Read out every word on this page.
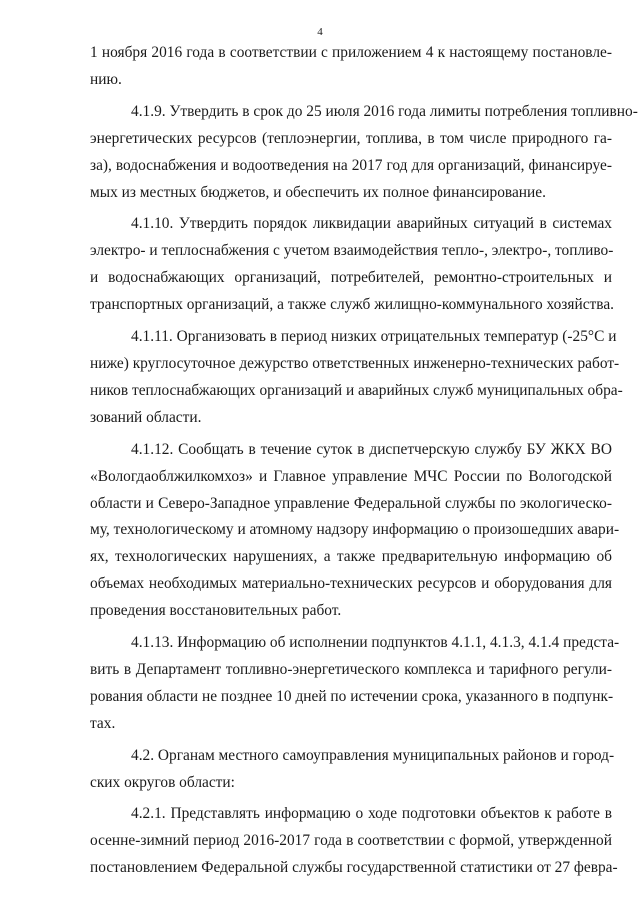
4
1 ноября 2016 года в соответствии с приложением 4 к настоящему постановле-
нию.
4.1.9. Утвердить в срок до 25 июля 2016 года лимиты потребления топливно-
энергетических ресурсов (теплоэнергии, топлива, в том числе природного га-
за), водоснабжения и водоотведения на 2017 год для организаций, финансируе-
мых из местных бюджетов, и обеспечить их полное финансирование.
4.1.10. Утвердить порядок ликвидации аварийных ситуаций в системах
электро- и теплоснабжения с учетом взаимодействия тепло-, электро-, топливо-
и водоснабжающих организаций, потребителей, ремонтно-строительных и
транспортных организаций, а также служб жилищно-коммунального хозяйства.
4.1.11. Организовать в период низких отрицательных температур (-25°С и
ниже) круглосуточное дежурство ответственных инженерно-технических работ-
ников теплоснабжающих организаций и аварийных служб муниципальных обра-
зований области.
4.1.12. Сообщать в течение суток в диспетчерскую службу БУ ЖКХ ВО
«Вологдаоблжилкомхоз» и Главное управление МЧС России по Вологодской
области и Северо-Западное управление Федеральной службы по экологическо-
му, технологическому и атомному надзору информацию о произошедших авари-
ях, технологических нарушениях, а также предварительную информацию об
объемах необходимых материально-технических ресурсов и оборудования для
проведения восстановительных работ.
4.1.13. Информацию об исполнении подпунктов 4.1.1, 4.1.3, 4.1.4 предста-
вить в Департамент топливно-энергетического комплекса и тарифного регули-
рования области не позднее 10 дней по истечении срока, указанного в подпунк-
тах.
4.2. Органам местного самоуправления муниципальных районов и город-
ских округов области:
4.2.1. Представлять информацию о ходе подготовки объектов к работе в
осенне-зимний период 2016-2017 года в соответствии с формой, утвержденной
постановлением Федеральной службы государственной статистики от 27 февра-
